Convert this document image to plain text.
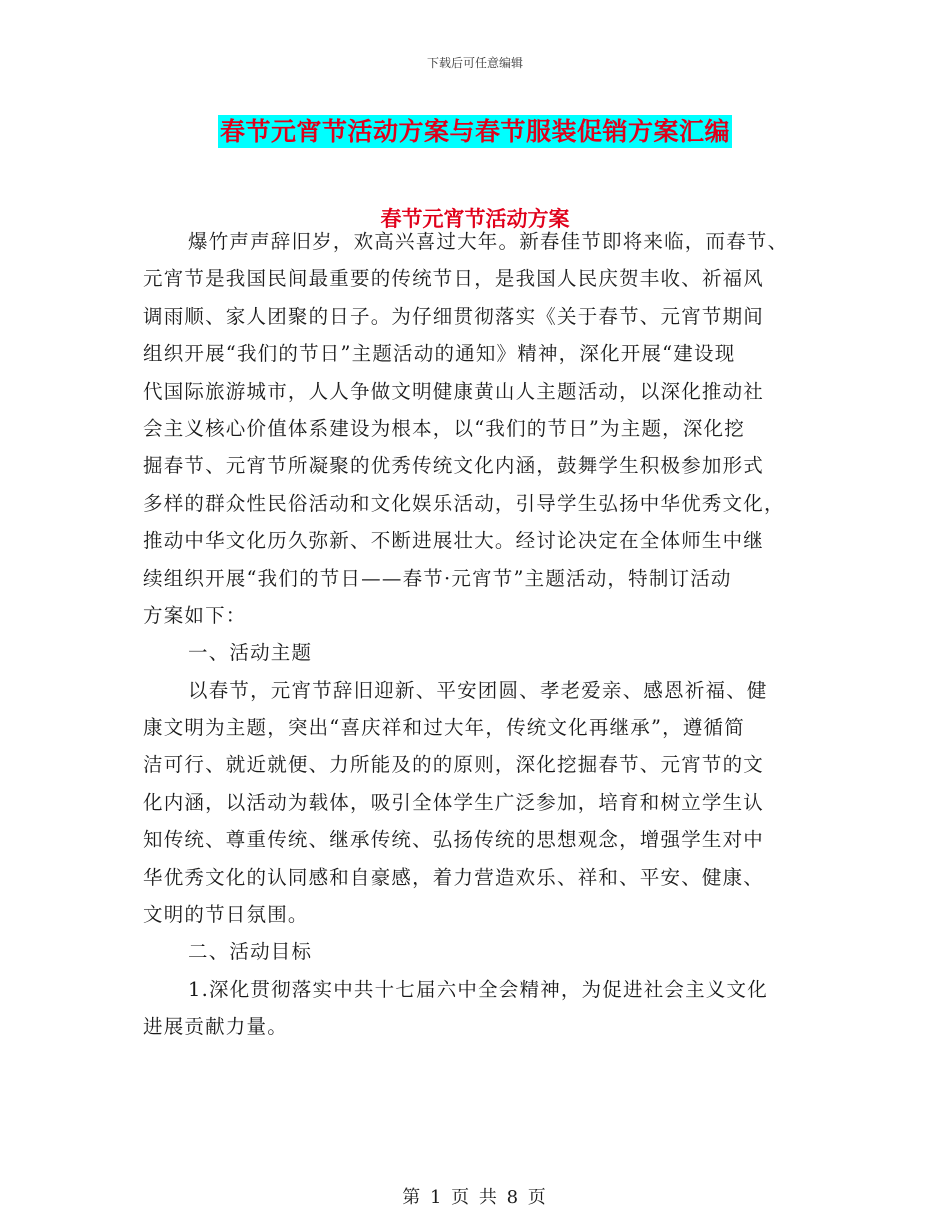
下载后可任意编辑
春节元宵节活动方案与春节服装促销方案汇编
春节元宵节活动方案
爆竹声声辞旧岁，欢高兴喜过大年。新春佳节即将来临，而春节、
元宵节是我国民间最重要的传统节日，是我国人民庆贺丰收、祈福风
调雨顺、家人团聚的日子。为仔细贯彻落实《关于春节、元宵节期间
组织开展“我们的节日”主题活动的通知》精神，深化开展“建设现
代国际旅游城市，人人争做文明健康黄山人主题活动，以深化推动社
会主义核心价值体系建设为根本，以“我们的节日”为主题，深化挖
掘春节、元宵节所凝聚的优秀传统文化内涵，鼓舞学生积极参加形式
多样的群众性民俗活动和文化娱乐活动，引导学生弘扬中华优秀文化，
推动中华文化历久弥新、不断进展壮大。经讨论决定在全体师生中继
续组织开展“我们的节日——春节·元宵节”主题活动，特制订活动
方案如下：
一、活动主题
以春节，元宵节辞旧迎新、平安团圆、孝老爱亲、感恩祈福、健
康文明为主题，突出“喜庆祥和过大年，传统文化再继承”，遵循简
洁可行、就近就便、力所能及的的原则，深化挖掘春节、元宵节的文
化内涵，以活动为载体，吸引全体学生广泛参加，培育和树立学生认
知传统、尊重传统、继承传统、弘扬传统的思想观念，增强学生对中
华优秀文化的认同感和自豪感，着力营造欢乐、祥和、平安、健康、
文明的节日氛围。
二、活动目标
1.深化贯彻落实中共十七届六中全会精神，为促进社会主义文化
进展贡献力量。
第 1 页 共 8 页
